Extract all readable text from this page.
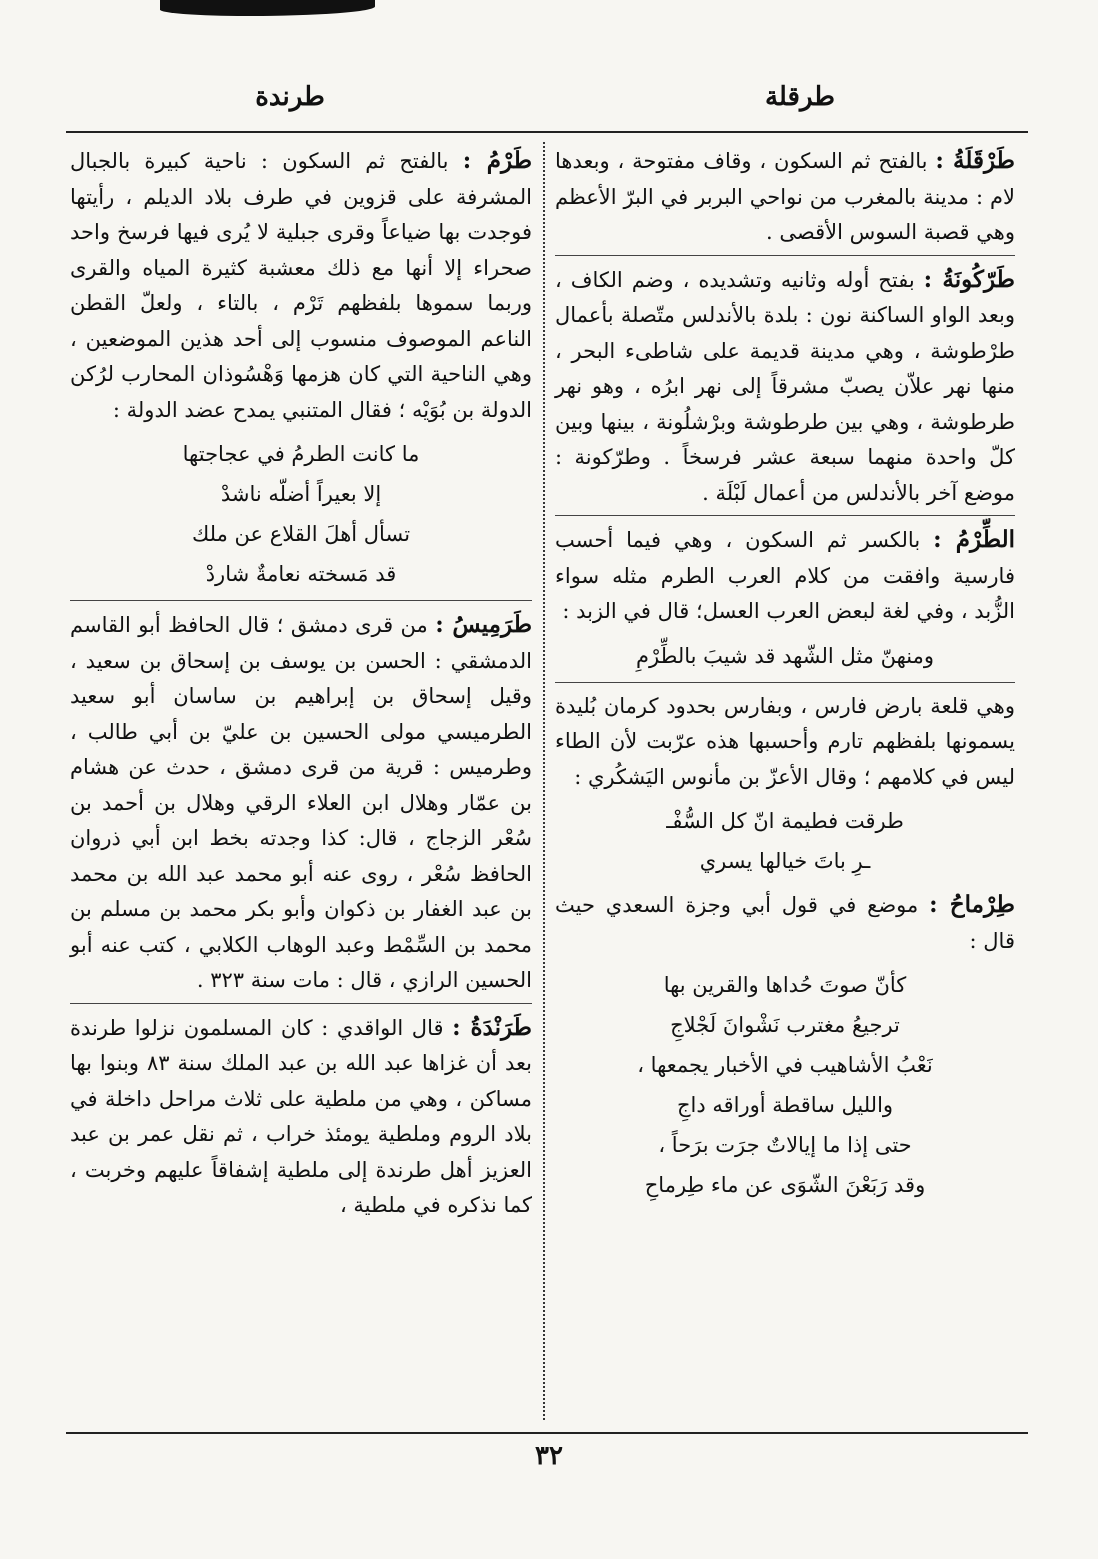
طرقلة
طرندة

طَرْقَلَةُ : بالفتح ثم السكون ، وقاف مفتوحة ، وبعدها لام : مدينة بالمغرب من نواحي البربر في البرّ الأعظم وهي قصبة السوس الأقصى .

طَرّكُونَةُ : بفتح أوله وثانيه وتشديده ، وضم الكاف ، وبعد الواو الساكنة نون : بلدة بالأندلس متّصلة بأعمال طرْطوشة ، وهي مدينة قديمة على شاطىء البحر ، منها نهر علاّن يصبّ مشرقاً إلى نهر ابرُه ، وهو نهر طرطوشة ، وهي بين طرطوشة وبرْشلُونة ، بينها وبين كلّ واحدة منهما سبعة عشر فرسخاً . وطرّكونة : موضع آخر بالأندلس من أعمال لَبْلَة .

الطِّرْمُ : بالكسر ثم السكون ، وهي فيما أحسب فارسية وافقت من كلام العرب الطرم مثله سواء الزُّبد ، وفي لغة لبعض العرب العسل؛ قال في الزبد :

ومنهنّ مثل الشّهد قد شيبَ بالطِّرْمِ

وهي قلعة بارض فارس ، وبفارس بحدود كرمان بُليدة يسمونها بلفظهم تارم وأحسبها هذه عرّبت لأن الطاء ليس في كلامهم ؛ وقال الأعزّ بن مأنوس اليَشكُري :

طرقت فطيمة انّ كل السُّفْـ
ـرِ باتَ خيالها يسري

طِرْماحُ : موضع في قول أبي وجزة السعدي حيث قال :

كأنّ صوتَ حُداها والقرين بها
ترجيعُ مغترب نَشْوانَ لَجْلاجِ
نَعْبُ الأشاهيب في الأخبار يجمعها ،
والليل ساقطة أوراقه داجِ
حتى إذا ما إيالاتٌ جرَت برَحاً ،
وقد رَبَعْنَ الشّوَى عن ماء طِرماحِ

طَرْمُ : بالفتح ثم السكون : ناحية كبيرة بالجبال المشرفة على قزوين في طرف بلاد الديلم ، رأيتها فوجدت بها ضياعاً وقرى جبلية لا يُرى فيها فرسخ واحد صحراء إلا أنها مع ذلك معشبة كثيرة المياه والقرى وربما سموها بلفظهم تَرْم ، بالتاء ، ولعلّ القطن الناعم الموصوف منسوب إلى أحد هذين الموضعين ، وهي الناحية التي كان هزمها وَهْسُوذان المحارب لرُكن الدولة بن بُوَيْه ؛ فقال المتنبي يمدح عضد الدولة :

ما كانت الطرمُ في عجاجتها
إلا بعيراً أضلّه ناشدْ
تسأل أهلَ القلاع عن ملك
قد مَسخته نعامةٌ شاردْ

طَرَمِيسُ : من قرى دمشق ؛ قال الحافظ أبو القاسم الدمشقي : الحسن بن يوسف بن إسحاق بن سعيد ، وقيل إسحاق بن إبراهيم بن ساسان أبو سعيد الطرميسي مولى الحسين بن عليّ بن أبي طالب ، وطرميس : قرية من قرى دمشق ، حدث عن هشام بن عمّار وهلال ابن العلاء الرقي وهلال بن أحمد بن سُعْر الزجاج ، قال: كذا وجدته بخط ابن أبي ذروان الحافظ سُعْر ، روى عنه أبو محمد عبد الله بن محمد بن عبد الغفار بن ذكوان وأبو بكر محمد بن مسلم بن محمد بن السِّمْط وعبد الوهاب الكلابي ، كتب عنه أبو الحسين الرازي ، قال : مات سنة ٣٢٣ .

طَرَنْدَةُ : قال الواقدي : كان المسلمون نزلوا طرندة بعد أن غزاها عبد الله بن عبد الملك سنة ٨٣ وبنوا بها مساكن ، وهي من ملطية على ثلاث مراحل داخلة في بلاد الروم وملطية يومئذ خراب ، ثم نقل عمر بن عبد العزيز أهل طرندة إلى ملطية إشفاقاً عليهم وخربت ، كما نذكره في ملطية ،

٣٢
